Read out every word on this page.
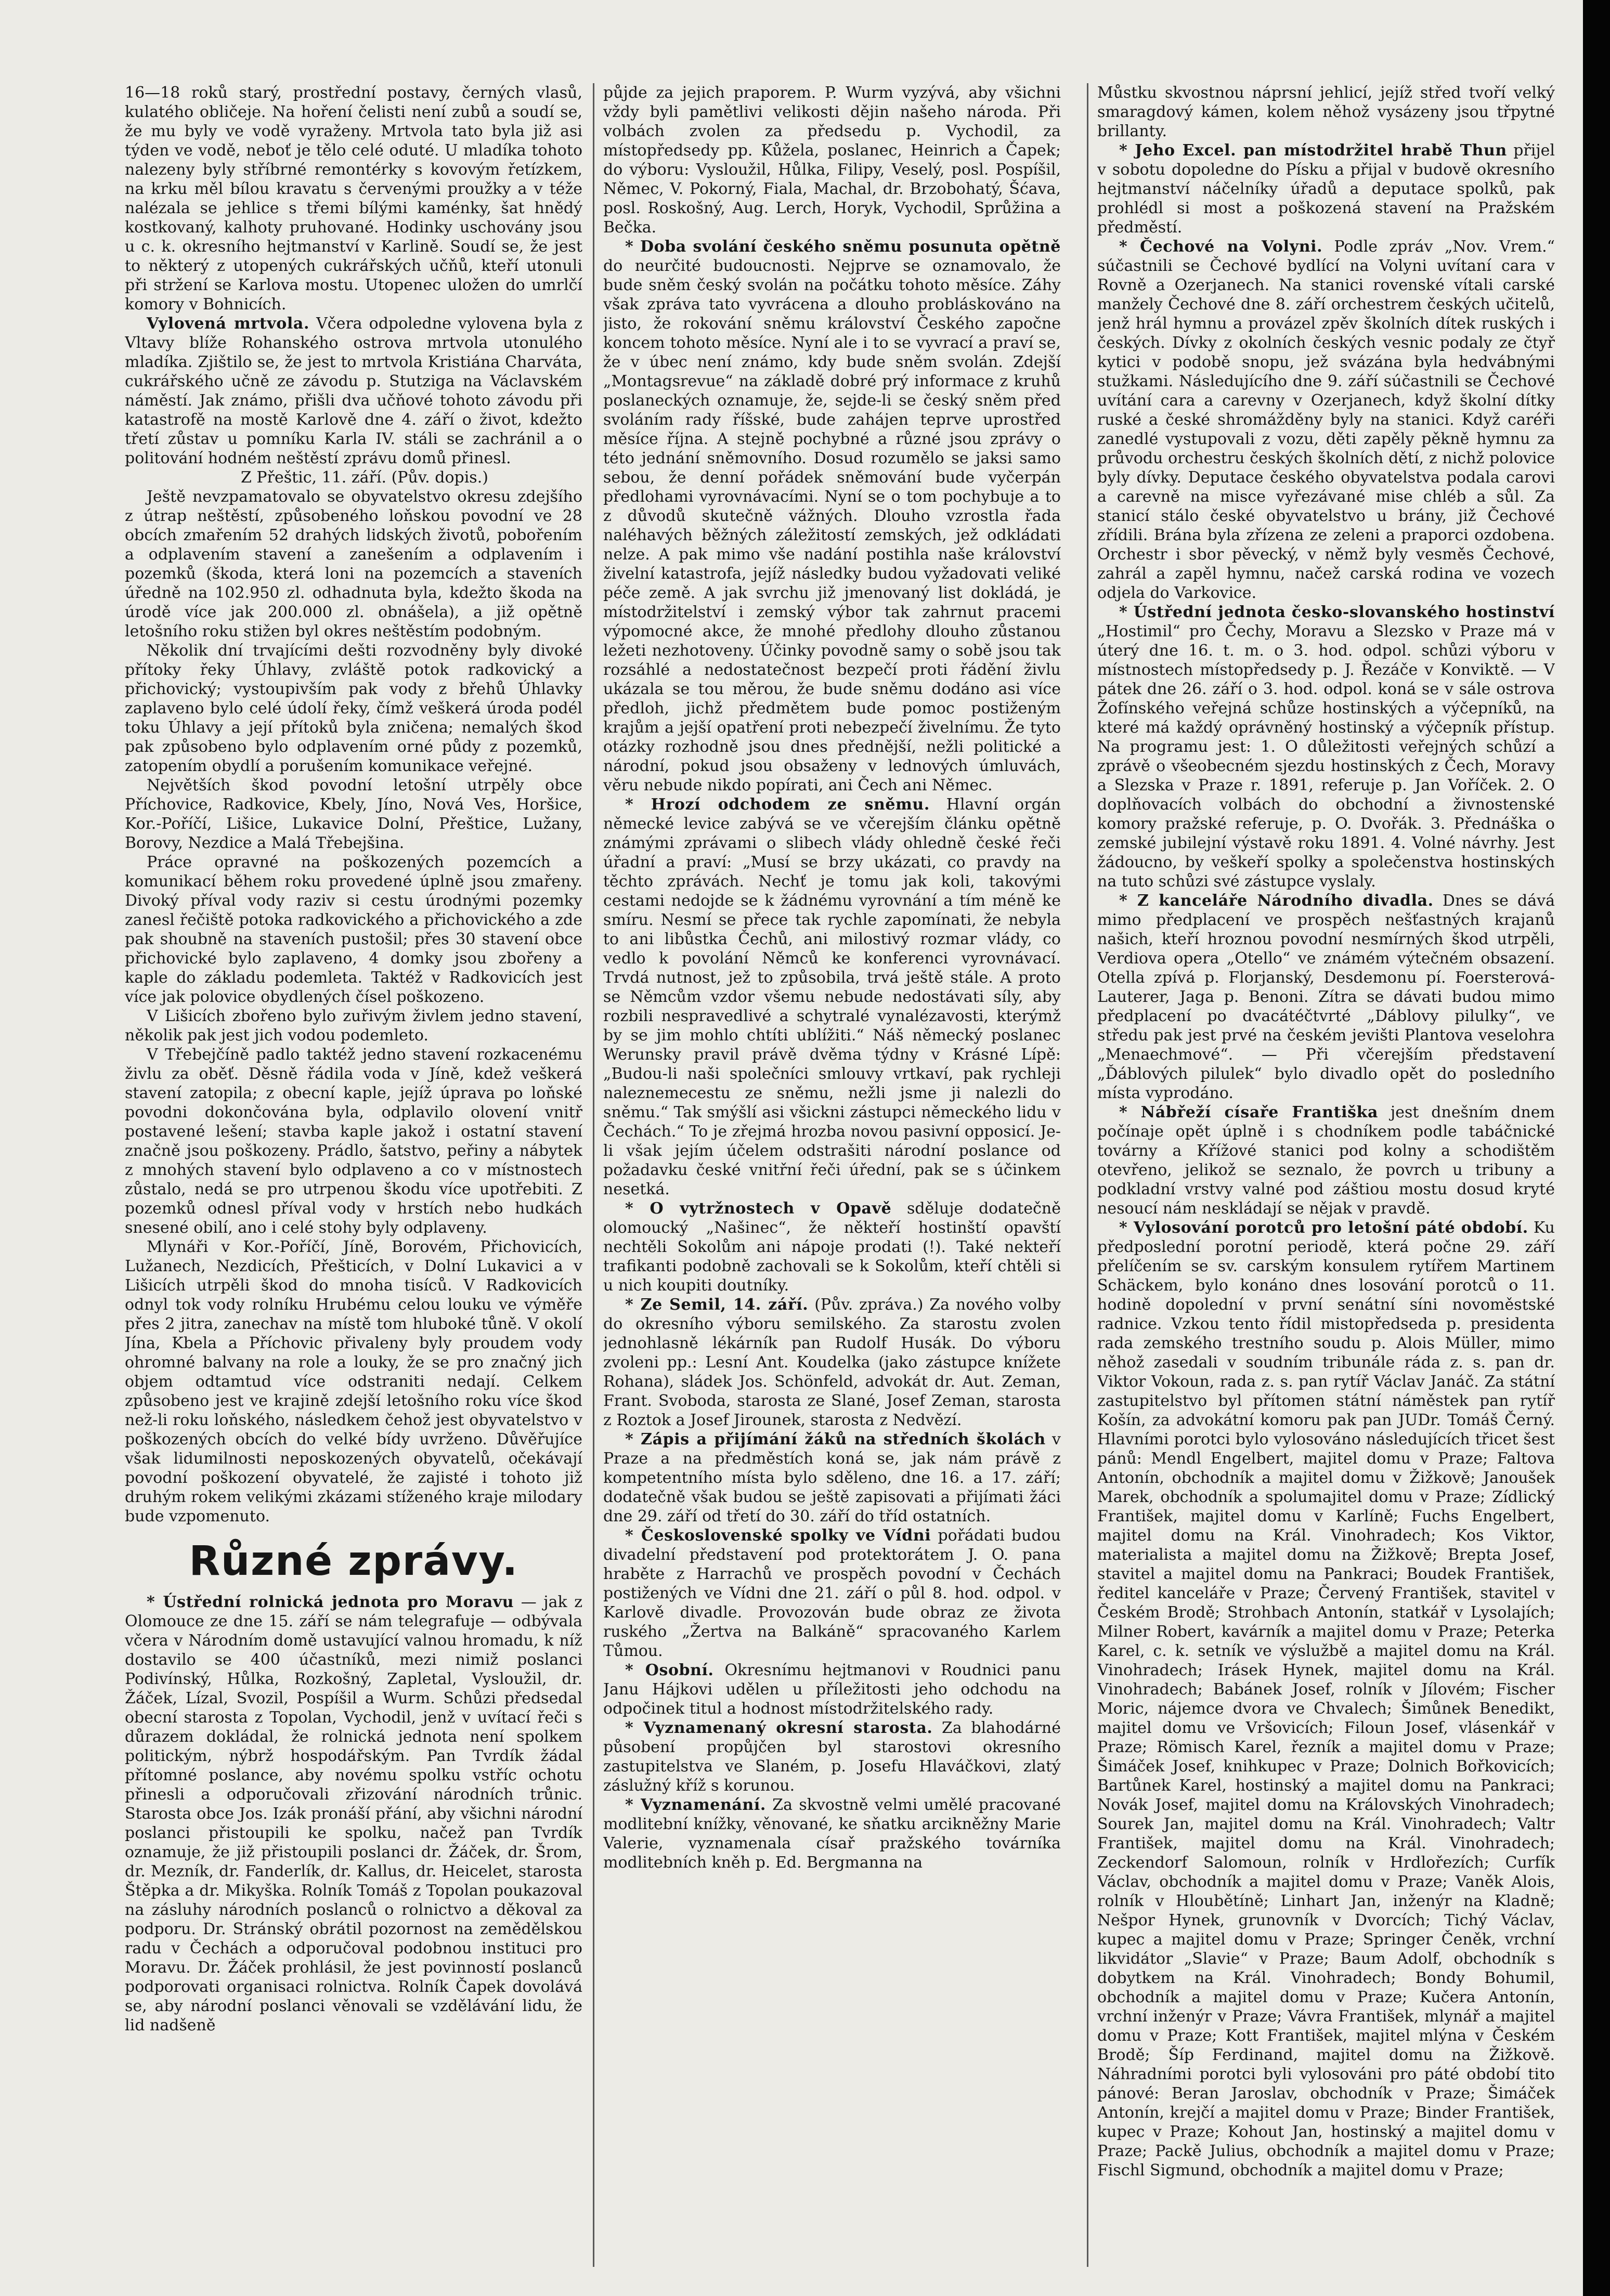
16—18 roků starý, prostřední postavy, černých vlasů, kulatého obličeje. Na hoření čelisti není zubů a soudí se, že mu byly ve vodě vyraženy. Mrtvola tato byla již asi týden ve vodě, neboť je tělo celé oduté. U mladíka tohoto nalezeny byly stříbrné remontérky s kovovým řetízkem, na krku měl bílou kravatu s červenými proužky a v téže nalézala se jehlice s třemi bílými kaménky, šat hnědý kostkovaný, kalhoty pruhované. Hodinky uschovány jsou u c. k. okresního hejtmanství v Karlině. Soudí se, že jest to některý z utopených cukrářských učňů, kteří utonuli při stržení se Karlova mostu. Utopenec uložen do umrlčí komory v Bohnicích.

Vylovená mrtvola. Včera odpoledne vylovena byla z Vltavy blíže Rohanského ostrova mrtvola utonulého mladíka. Zjištilo se, že jest to mrtvola Kristiána Charváta, cukrářského učně ze závodu p. Stutziga na Václavském náměstí. Jak známo, přišli dva učňové tohoto závodu při katastrofě na mostě Karlově dne 4. září o život, kdežto třetí zůstav u pomníku Karla IV. stáli se zachránil a o politování hodném neštěstí zprávu domů přinesl.

Z Přeštic, 11. září. (Pův. dopis.)

Ještě nevzpamatovalo se obyvatelstvo okresu zdejšího z útrap neštěstí, způsobeného loňskou povodní ve 28 obcích zmařením 52 drahých lidských životů, pobořením a odplavením stavení a zanešením a odplavením i pozemků (škoda, která loni na pozemcích a staveních úředně na 102.950 zl. odhadnuta byla, kdežto škoda na úrodě více jak 200.000 zl. obnášela), a již opětně letošního roku stižen byl okres neštěstím podobným.

Několik dní trvajícími dešti rozvodněny byly divoké přítoky řeky Úhlavy, zvláště potok radkovický a přichovický; vystoupivším pak vody z břehů Úhlavky zaplaveno bylo celé údolí řeky, čímž veškerá úroda podél toku Úhlavy a její přítoků byla zničena; nemalých škod pak způsobeno bylo odplavením orné půdy z pozemků, zatopením obydlí a porušením komunikace veřejné.

Největších škod povodní letošní utrpěly obce Příchovice, Radkovice, Kbely, Jíno, Nová Ves, Horšice, Kor.-Poříčí, Lišice, Lukavice Dolní, Přeštice, Lužany, Borovy, Nezdice a Malá Třebejšina.

Práce opravné na poškozených pozemcích a komunikací během roku provedené úplně jsou zmařeny. Divoký příval vody raziv si cestu úrodnými pozemky zanesl řečiště potoka radkovického a přichovického a zde pak shoubně na staveních pustošil; přes 30 stavení obce přichovické bylo zaplaveno, 4 domky jsou zbořeny a kaple do základu podemleta. Taktéž v Radkovicích jest více jak polovice obydlených čísel poškozeno.

V Lišicích zbořeno bylo zuřivým živlem jedno stavení, několik pak jest jich vodou podemleto.

V Třebejčíně padlo taktéž jedno stavení rozkacenému živlu za oběť. Děsně řádila voda v Jíně, kdež veškerá stavení zatopila; z obecní kaple, jejíž úprava po loňské povodni dokončována byla, odplavilo olovení vnitř postavené lešení; stavba kaple jakož i ostatní stavení značně jsou poškozeny. Prádlo, šatstvo, peřiny a nábytek z mnohých stavení bylo odplaveno a co v místnostech zůstalo, nedá se pro utrpenou škodu více upotřebiti. Z pozemků odnesl příval vody v hrstích nebo hudkách snesené obilí, ano i celé stohy byly odplaveny.

Mlynáři v Kor.-Poříčí, Jíně, Borovém, Přichovicích, Lužanech, Nezdicích, Přešticích, v Dolní Lukavici a v Lišicích utrpěli škod do mnoha tisíců. V Radkovicích odnyl tok vody rolníku Hrubému celou louku ve výměře přes 2 jitra, zanechav na místě tom hluboké tůně. V okolí Jína, Kbela a Příchovic přivaleny byly proudem vody ohromné balvany na role a louky, že se pro značný jich objem odtamtud více odstraniti nedají. Celkem způsobeno jest ve krajině zdejší letošního roku více škod než-li roku loňského, následkem čehož jest obyvatelstvo v poškozených obcích do velké bídy uvrženo. Důvěřujíce však lidumilnosti neposkozených obyvatelů, očekávají povodní poškození obyvatelé, že zajisté i tohoto již druhým rokem velikými zkázami stíženého kraje milodary bude vzpomenuto.

Různé zprávy.

* Ústřední rolnická jednota pro Moravu — jak z Olomouce ze dne 15. září se nám telegrafuje — odbývala včera v Národním domě ustavující valnou hromadu, k níž dostavilo se 400 účastníků, mezi nimiž poslanci Podivínský, Hůlka, Rozkošný, Zapletal, Vysloužil, dr. Žáček, Lízal, Svozil, Pospíšil a Wurm. Schůzi předsedal obecní starosta z Topolan, Vychodil, jenž v uvítací řeči s důrazem dokládal, že rolnická jednota není spolkem politickým, nýbrž hospodářským. Pan Tvrdík žádal přítomné poslance, aby novému spolku vstříc ochotu přinesli a odporučovali zřizování národních trůnic. Starosta obce Jos. Izák pronáší přání, aby všichni národní poslanci přistoupili ke spolku, načež pan Tvrdík oznamuje, že již přistoupili poslanci dr. Žáček, dr. Šrom, dr. Mezník, dr. Fanderlík, dr. Kallus, dr. Heicelet, starosta Štěpka a dr. Mikyška. Rolník Tomáš z Topolan poukazoval na zásluhy národních poslanců o rolnictvo a děkoval za podporu. Dr. Stránský obrátil pozornost na zemědělskou radu v Čechách a odporučoval podobnou instituci pro Moravu. Dr. Žáček prohlásil, že jest povinností poslanců podporovati organisaci rolnictva. Rolník Čapek dovolává se, aby národní poslanci věnovali se vzdělávání lidu, že lid nadšeně

půjde za jejich praporem. P. Wurm vyzývá, aby všichni vždy byli pamětlivi velikosti dějin našeho národa. Při volbách zvolen za předsedu p. Vychodil, za místopředsedy pp. Kůžela, poslanec, Heinrich a Čapek; do výboru: Vysloužil, Hůlka, Filipy, Veselý, posl. Pospíšil, Němec, V. Pokorný, Fiala, Machal, dr. Brzobohatý, Šćava, posl. Roskošný, Aug. Lerch, Horyk, Vychodil, Sprůžina a Bečka.

* Doba svolání českého sněmu posunuta opětně do neurčité budoucnosti. Nejprve se oznamovalo, že bude sněm český svolán na počátku tohoto měsíce. Záhy však zpráva tato vyvrácena a dlouho probláskováno na jisto, že rokování sněmu království Českého započne koncem tohoto měsíce. Nyní ale i to se vyvrací a praví se, že v úbec není známo, kdy bude sněm svolán. Zdejší „Montagsrevue“ na základě dobré prý informace z kruhů poslaneckých oznamuje, že, sejde-li se český sněm před svoláním rady říšské, bude zahájen teprve uprostřed měsíce října. A stejně pochybné a různé jsou zprávy o této jednání sněmovního. Dosud rozumělo se jaksi samo sebou, že denní pořádek sněmování bude vyčerpán předlohami vyrovnávacími. Nyní se o tom pochybuje a to z důvodů skutečně vážných. Dlouho vzrostla řada naléhavých běžných záležitostí zemských, jež odkládati nelze. A pak mimo vše nadání postihla naše království živelní katastrofa, jejíž následky budou vyžadovati veliké péče země. A jak svrchu již jmenovaný list dokládá, je místodržitelství i zemský výbor tak zahrnut pracemi výpomocné akce, že mnohé předlohy dlouho zůstanou ležeti nezhotoveny. Účinky povodně samy o sobě jsou tak rozsáhlé a nedostatečnost bezpečí proti řádění živlu ukázala se tou měrou, že bude sněmu dodáno asi více předloh, jichž předmětem bude pomoc postiženým krajům a jejší opatření proti nebezpečí živelnímu. Že tyto otázky rozhodně jsou dnes přednější, nežli politické a národní, pokud jsou obsaženy v lednových úmluvách, věru nebude nikdo popírati, ani Čech ani Němec.

* Hrozí odchodem ze sněmu. Hlavní orgán německé levice zabývá se ve včerejším článku opětně známými zprávami o slibech vlády ohledně české řeči úřadní a praví: „Musí se brzy ukázati, co pravdy na těchto zprávách. Nechť je tomu jak koli, takovými cestami nedojde se k žádnému vyrovnání a tím méně ke smíru. Nesmí se přece tak rychle zapomínati, že nebyla to ani libůstka Čechů, ani milostivý rozmar vlády, co vedlo k povolání Němců ke konferenci vyrovnávací. Trvdá nutnost, jež to způsobila, trvá ještě stále. A proto se Němcům vzdor všemu nebude nedostávati síly, aby rozbili nespravedlivé a schytralé vynalézavosti, kterýmž by se jim mohlo chtíti ublížiti.“ Náš německý poslanec Werunsky pravil právě dvěma týdny v Krásné Lípě: „Budou-li naši společníci smlouvy vrtkaví, pak rychleji naleznemecestu ze sněmu, nežli jsme ji nalezli do sněmu.“ Tak smýšlí asi všickni zástupci německého lidu v Čechách.“ To je zřejmá hrozba novou pasivní opposicí. Je-li však jejím účelem odstrašiti národní poslance od požadavku české vnitřní řeči úřední, pak se s účinkem nesetká.

* O vytržnostech v Opavě sděluje dodatečně olomoucký „Našinec“, že někteří hostinští opavští nechtěli Sokolům ani nápoje prodati (!). Také nekteří trafikanti podobně zachovali se k Sokolům, kteří chtěli si u nich koupiti doutníky.

* Ze Semil, 14. září. (Pův. zpráva.) Za nového volby do okresního výboru semilského. Za starostu zvolen jednohlasně lékárník pan Rudolf Husák. Do výboru zvoleni pp.: Lesní Ant. Koudelka (jako zástupce knížete Rohana), sládek Jos. Schönfeld, advokát dr. Aut. Zeman, Frant. Svoboda, starosta ze Slané, Josef Zeman, starosta z Roztok a Josef Jirounek, starosta z Nedvězí.

* Zápis a přijímání žáků na středních školách v Praze a na předměstích koná se, jak nám právě z kompetentního místa bylo sděleno, dne 16. a 17. září; dodatečně však budou se ještě zapisovati a přijímati žáci dne 29. září od třetí do 30. září do tříd ostatních.

* Československé spolky ve Vídni pořádati budou divadelní představení pod protektorátem J. O. pana hraběte z Harrachů ve prospěch povodní v Čechách postižených ve Vídni dne 21. září o půl 8. hod. odpol. v Karlově divadle. Provozován bude obraz ze života ruského „Žertva na Balkáně“ spracovaného Karlem Tůmou.

* Osobní. Okresnímu hejtmanovi v Roudnici panu Janu Hájkovi udělen u příležitosti jeho odchodu na odpočinek titul a hodnost místodržitelského rady.

* Vyznamenaný okresní starosta. Za blahodárné působení propůjčen byl starostovi okresního zastupitelstva ve Slaném, p. Josefu Hlaváčkovi, zlatý záslužný kříž s korunou.

* Vyznamenání. Za skvostně velmi umělé pracované modlitební knížky, věnované, ke sňatku arcikněžny Marie Valerie, vyznamenala císař pražského továrníka modlitebních kněh p. Ed. Bergmanna na

Můstku skvostnou náprsní jehlicí, jejíž střed tvoří velký smaragdový kámen, kolem něhož vysázeny jsou třpytné brillanty.

* Jeho Excel. pan místodržitel hrabě Thun přijel v sobotu dopoledne do Písku a přijal v budově okresního hejtmanství náčelníky úřadů a deputace spolků, pak prohlédl si most a poškozená stavení na Pražském předměstí.

* Čechové na Volyni. Podle zpráv „Nov. Vrem.“ súčastnili se Čechové bydlící na Volyni uvítaní cara v Rovně a Ozerjanech. Na stanici rovenské vítali carské manžely Čechové dne 8. září orchestrem českých učitelů, jenž hrál hymnu a provázel zpěv školních dítek ruských i českých. Dívky z okolních českých vesnic podaly ze čtyř kytici v podobě snopu, jež svázána byla hedvábnými stužkami. Následujícího dne 9. září súčastnili se Čechové uvítání cara a carevny v Ozerjanech, když školní dítky ruské a české shromážděny byly na stanici. Když caréři zanedlé vystupovali z vozu, děti zapěly pěkně hymnu za průvodu orchestru českých školních dětí, z nichž polovice byly dívky. Deputace českého obyvatelstva podala carovi a carevně na misce vyřezávané mise chléb a sůl. Za stanicí stálo české obyvatelstvo u brány, již Čechové zřídili. Brána byla zřízena ze zeleni a praporci ozdobena. Orchestr i sbor pěvecký, v němž byly vesměs Čechové, zahrál a zapěl hymnu, načež carská rodina ve vozech odjela do Varkovice.

* Ústřední jednota česko-slovanského hostinství „Hostimil“ pro Čechy, Moravu a Slezsko v Praze má v úterý dne 16. t. m. o 3. hod. odpol. schůzi výboru v místnostech místopředsedy p. J. Řezáče v Konviktě. — V pátek dne 26. září o 3. hod. odpol. koná se v sále ostrova Žofínského veřejná schůze hostinských a výčepníků, na které má každý oprávněný hostinský a výčepník přístup. Na programu jest: 1. O důležitosti veřejných schůzí a zprávě o všeobecném sjezdu hostinských z Čech, Moravy a Slezska v Praze r. 1891, referuje p. Jan Voříček. 2. O doplňovacích volbách do obchodní a živnostenské komory pražské referuje, p. O. Dvořák. 3. Přednáška o zemské jubilejní výstavě roku 1891. 4. Volné návrhy. Jest žádoucno, by veškeří spolky a společenstva hostinských na tuto schůzi své zástupce vyslaly.

* Z kanceláře Národního divadla. Dnes se dává mimo předplacení ve prospěch nešťastných krajanů našich, kteří hroznou povodní nesmírných škod utrpěli, Verdiova opera „Otello“ ve známém výtečném obsazení. Otella zpívá p. Florjanský, Desdemonu pí. Foersterová-Lauterer, Jaga p. Benoni. Zítra se dávati budou mimo předplacení po dvacátéčtvrté „Dáblovy pilulky“, ve středu pak jest prvé na českém jevišti Plantova veselohra „Menaechmové“. — Při včerejším představení „Ďáblových pilulek“ bylo divadlo opět do posledního místa vyprodáno.

* Nábřeží císaře Františka jest dnešním dnem počínaje opět úplně i s chodníkem podle tabáčnické továrny a Křížové stanici pod kolny a schodištěm otevřeno, jelikož se seznalo, že povrch u tribuny a podkladní vrstvy valné pod záštiou mostu dosud kryté nesoucí nám neskládají se nějak v pravdě.

* Vylosování porotců pro letošní páté období. Ku předposlední porotní periodě, která počne 29. září přelíčením se sv. carským konsulem rytířem Martinem Schäckem, bylo konáno dnes losování porotců o 11. hodině dopolední v první senátní síni novoměstské radnice. Vzkou tento řídil mistopředseda p. presidenta rada zemského trestního soudu p. Alois Müller, mimo něhož zasedali v soudním tribunále ráda z. s. pan dr. Viktor Vokoun, rada z. s. pan rytíř Václav Janáč. Za státní zastupitelstvo byl přítomen státní náměstek pan rytíř Košín, za advokátní komoru pak pan JUDr. Tomáš Černý. Hlavními porotci bylo vylosováno následujících třicet šest pánů: Mendl Engelbert, majitel domu v Praze; Faltova Antonín, obchodník a majitel domu v Žižkově; Janoušek Marek, obchodník a spolumajitel domu v Praze; Zídlický František, majitel domu v Karlíně; Fuchs Engelbert, majitel domu na Král. Vinohradech; Kos Viktor, materialista a majitel domu na Žižkově; Brepta Josef, stavitel a majitel domu na Pankraci; Boudek František, ředitel kanceláře v Praze; Červený František, stavitel v Českém Brodě; Strohbach Antonín, statkář v Lysolajích; Milner Robert, kavárník a majitel domu v Praze; Peterka Karel, c. k. setník ve výslužbě a majitel domu na Král. Vinohradech; Irásek Hynek, majitel domu na Král. Vinohradech; Babánek Josef, rolník v Jílovém; Fischer Moric, nájemce dvora ve Chvalech; Šimůnek Benedikt, majitel domu ve Vršovicích; Filoun Josef, vlásenkář v Praze; Römisch Karel, řezník a majitel domu v Praze; Šimáček Josef, knihkupec v Praze; Dolnich Bořkovicích; Bartůnek Karel, hostinský a majitel domu na Pankraci; Novák Josef, majitel domu na Královských Vinohradech; Sourek Jan, majitel domu na Král. Vinohradech; Valtr František, majitel domu na Král. Vinohradech; Zeckendorf Salomoun, rolník v Hrdlořezích; Curfík Václav, obchodník a majitel domu v Praze; Vaněk Alois, rolník v Hloubětíně; Linhart Jan, inženýr na Kladně; Nešpor Hynek, grunovník v Dvorcích; Tichý Václav, kupec a majitel domu v Praze; Springer Čeněk, vrchní likvidátor „Slavie“ v Praze; Baum Adolf, obchodník s dobytkem na Král. Vinohradech; Bondy Bohumil, obchodník a majitel domu v Praze; Kučera Antonín, vrchní inženýr v Praze; Vávra František, mlynář a majitel domu v Praze; Kott František, majitel mlýna v Českém Brodě; Šíp Ferdinand, majitel domu na Žižkově. Náhradními porotci byli vylosováni pro páté období tito pánové: Beran Jaroslav, obchodník v Praze; Šimáček Antonín, krejčí a majitel domu v Praze; Binder František, kupec v Praze; Kohout Jan, hostinský a majitel domu v Praze; Packě Julius, obchodník a majitel domu v Praze; Fischl Sigmund, obchodník a majitel domu v Praze;
